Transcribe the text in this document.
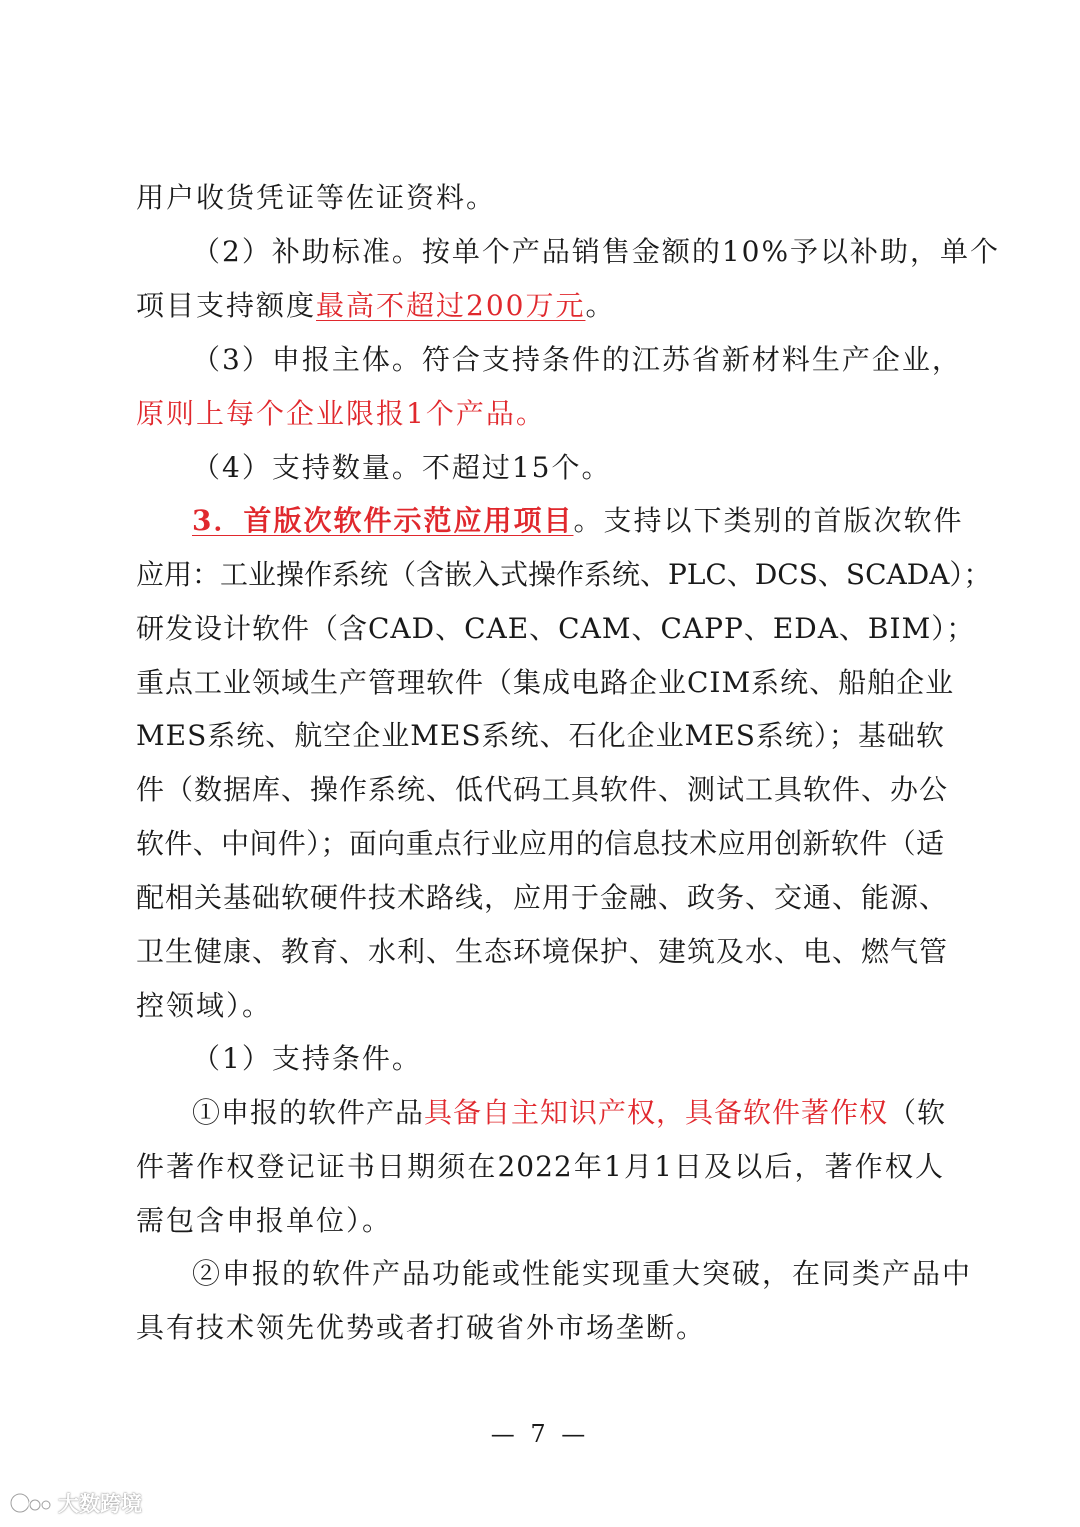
用户收货凭证等佐证资料。
（2）补助标准。按单个产品销售金额的10%予以补助，单个
项目支持额度最高不超过200万元。
（3）申报主体。符合支持条件的江苏省新材料生产企业，
原则上每个企业限报1个产品。
（4）支持数量。不超过15个。
3．首版次软件示范应用项目。支持以下类别的首版次软件
应用：工业操作系统（含嵌入式操作系统、PLC、DCS、SCADA）；
研发设计软件（含CAD、CAE、CAM、CAPP、EDA、BIM）；
重点工业领域生产管理软件（集成电路企业CIM系统、船舶企业
MES系统、航空企业MES系统、石化企业MES系统）；基础软
件（数据库、操作系统、低代码工具软件、测试工具软件、办公
软件、中间件）；面向重点行业应用的信息技术应用创新软件（适
配相关基础软硬件技术路线，应用于金融、政务、交通、能源、
卫生健康、教育、水利、生态环境保护、建筑及水、电、燃气管
控领域）。
（1）支持条件。
①申报的软件产品具备自主知识产权，具备软件著作权（软
件著作权登记证书日期须在2022年1月1日及以后，著作权人
需包含申报单位）。
②申报的软件产品功能或性能实现重大突破，在同类产品中
具有技术领先优势或者打破省外市场垄断。
— 7 —
大数跨境
